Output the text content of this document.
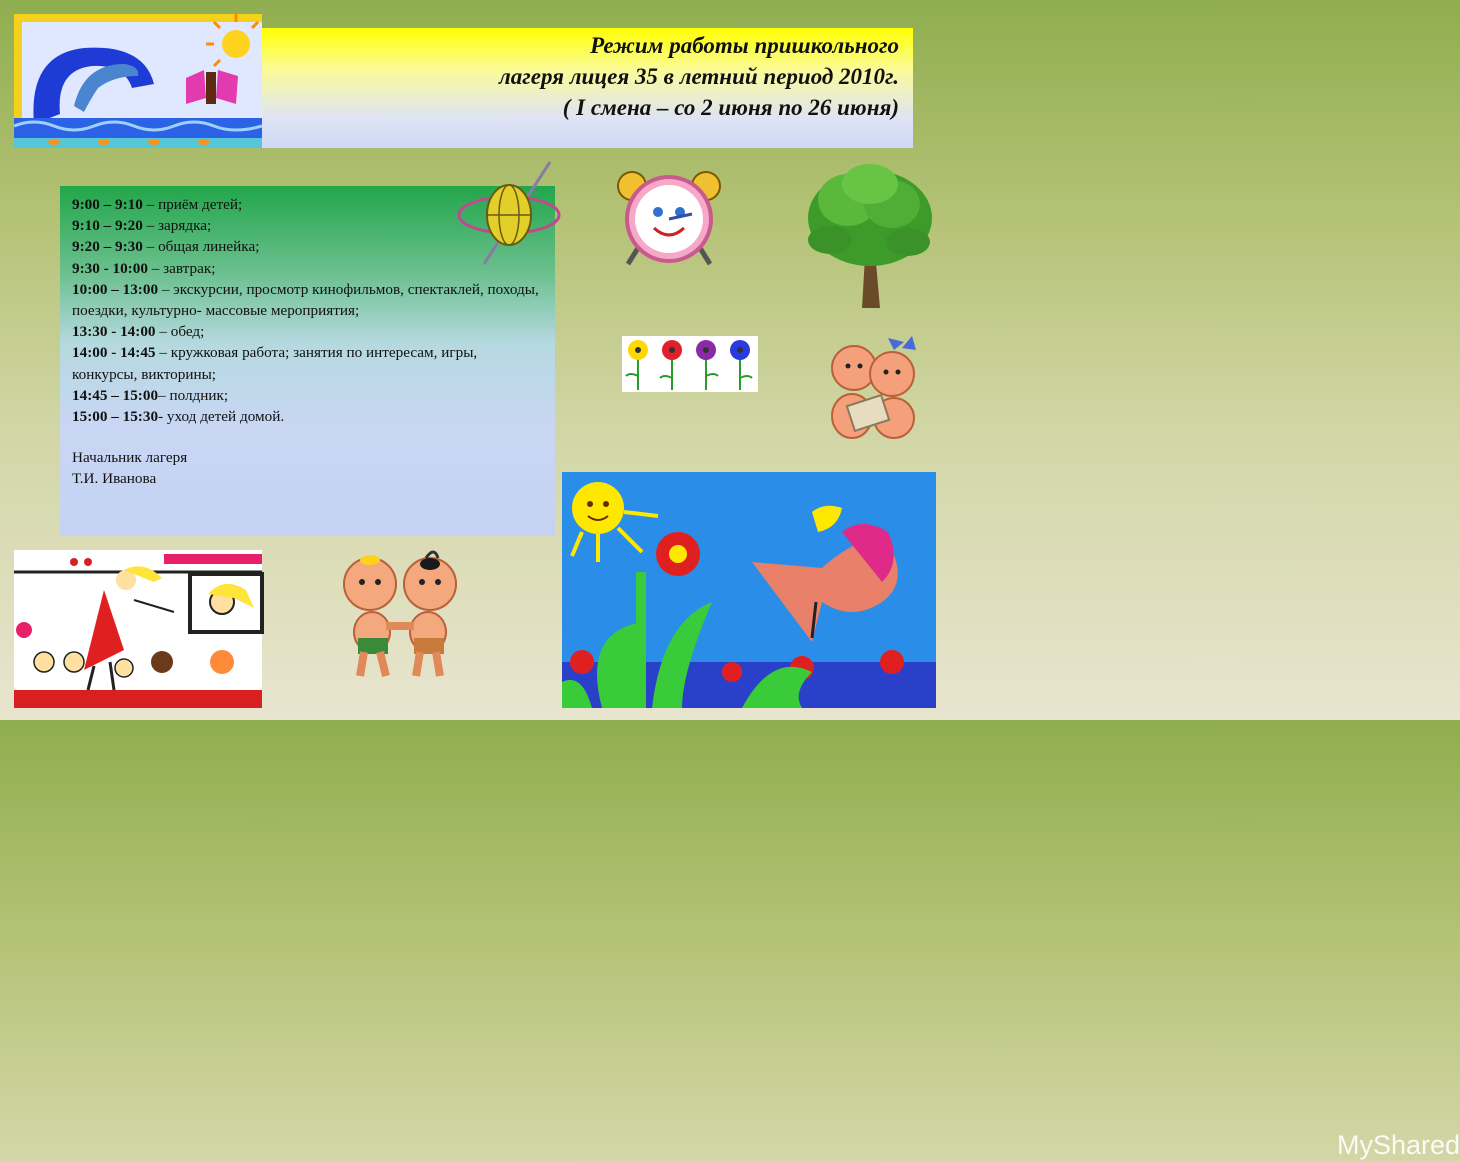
Режим работы пришкольного
лагеря лицея 35 в летний период 2010г.
( I смена – со 2 июня по 26 июня)
9:00 – 9:10 – приём детей;
9:10 – 9:20 – зарядка;
9:20 – 9:30 – общая линейка;
9:30 - 10:00 – завтрак;
10:00 – 13:00 – экскурсии, просмотр кинофильмов, спектаклей, походы, поездки, культурно- массовые мероприятия;
13:30 - 14:00 – обед;
14:00 - 14:45 – кружковая работа; занятия по интересам, игры, конкурсы, викторины;
14:45 – 15:00– полдник;
15:00 – 15:30- уход детей домой.
Начальник лагеря
Т.И. Иванова
MyShared
